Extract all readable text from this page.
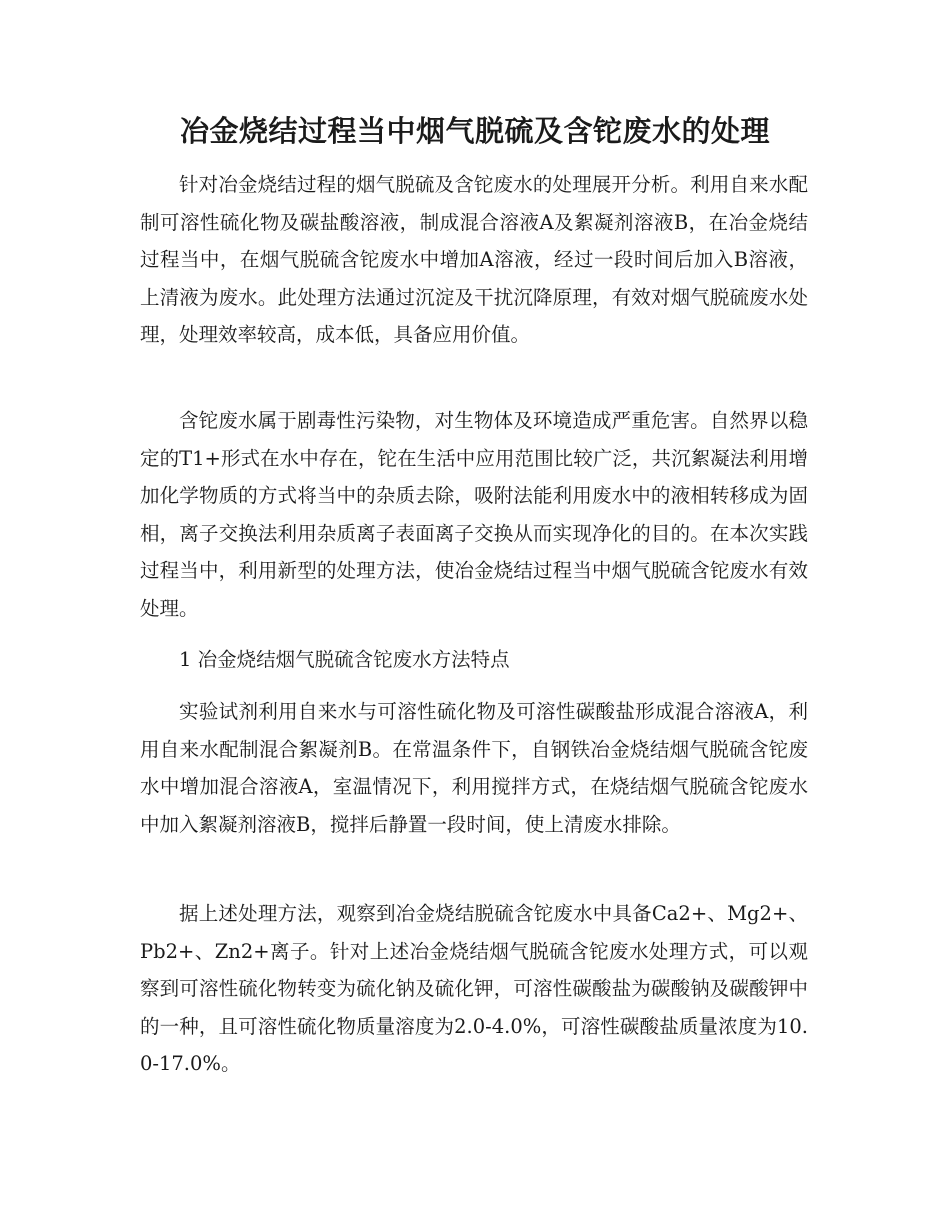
冶金烧结过程当中烟气脱硫及含铊废水的处理

针对冶金烧结过程的烟气脱硫及含铊废水的处理展开分析。利用自来水配制可溶性硫化物及碳盐酸溶液，制成混合溶液A及絮凝剂溶液B，在冶金烧结过程当中，在烟气脱硫含铊废水中增加A溶液，经过一段时间后加入B溶液，上清液为废水。此处理方法通过沉淀及干扰沉降原理，有效对烟气脱硫废水处理，处理效率较高，成本低，具备应用价值。

含铊废水属于剧毒性污染物，对生物体及环境造成严重危害。自然界以稳定的T1+形式在水中存在，铊在生活中应用范围比较广泛，共沉絮凝法利用增加化学物质的方式将当中的杂质去除，吸附法能利用废水中的液相转移成为固相，离子交换法利用杂质离子表面离子交换从而实现净化的目的。在本次实践过程当中，利用新型的处理方法，使冶金烧结过程当中烟气脱硫含铊废水有效处理。

1 冶金烧结烟气脱硫含铊废水方法特点

实验试剂利用自来水与可溶性硫化物及可溶性碳酸盐形成混合溶液A，利用自来水配制混合絮凝剂B。在常温条件下，自钢铁冶金烧结烟气脱硫含铊废水中增加混合溶液A，室温情况下，利用搅拌方式，在烧结烟气脱硫含铊废水中加入絮凝剂溶液B，搅拌后静置一段时间，使上清废水排除。

据上述处理方法，观察到冶金烧结脱硫含铊废水中具备Ca2+、Mg2+、Pb2+、Zn2+离子。针对上述冶金烧结烟气脱硫含铊废水处理方式，可以观察到可溶性硫化物转变为硫化钠及硫化钾，可溶性碳酸盐为碳酸钠及碳酸钾中的一种，且可溶性硫化物质量溶度为2.0-4.0%，可溶性碳酸盐质量浓度为10.0-17.0%。
